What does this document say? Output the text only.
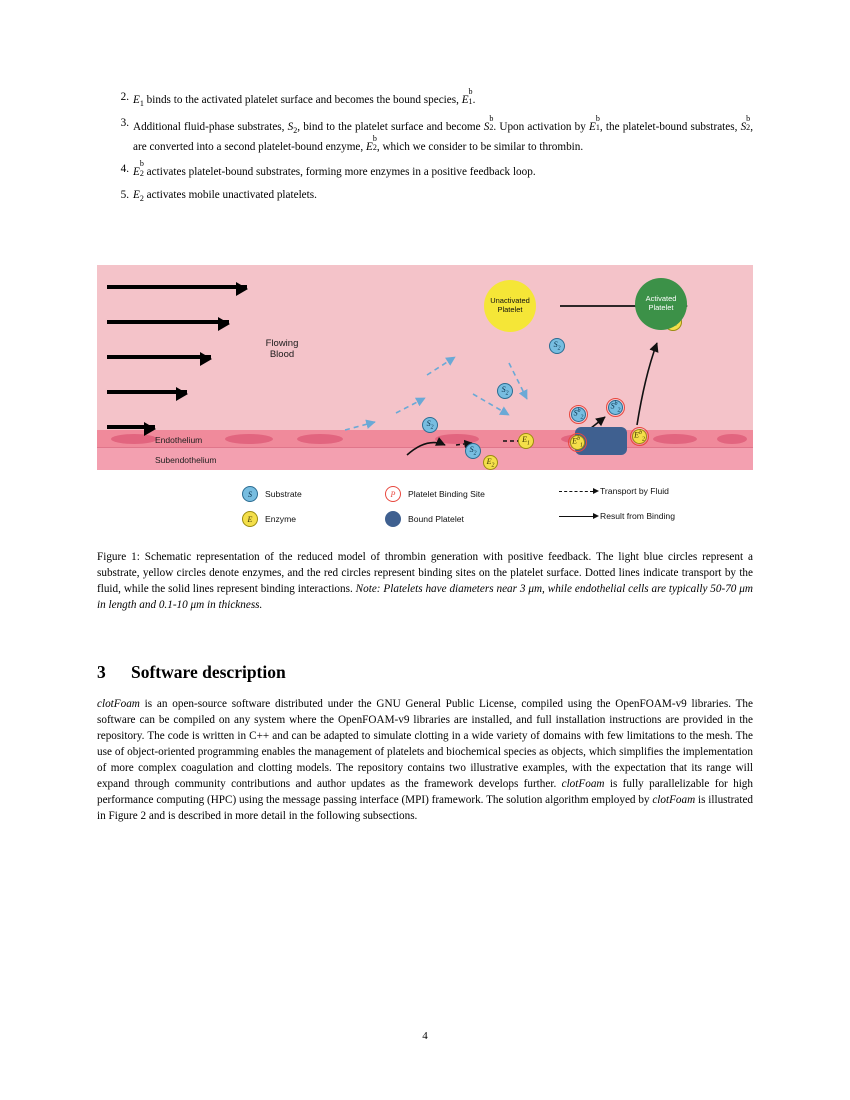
2. $E_1$ binds to the activated platelet surface and becomes the bound species, E
b
1 .
3. Additional fluid-phase substrates, $S_2$, bind to the platelet surface and become S
b
2 . Upon activation by E
b
1 , the platelet-bound substrates, S
b
2 , are converted into a second platelet-bound enzyme, E
b
2 , which we consider to be similar to thrombin.
4. E
b
2 activates platelet-bound substrates, forming more enzymes in a positive feedback loop.
5. $E_2$ activates mobile unactivated platelets.
Endothelium
Subendothelium
Flowing
Blood
$S_2$
$S_2$
$S_2$
$S_2$
$E_2$
$E_1$
$S^b_2$
$S^b_2$
$E^b_1$
$E^b_2$
Unactivated
Platelet
Activated
Platelet
S	Substrate
E	Enzyme
P	Platelet Binding Site
Bound Platelet
Transport by Fluid
Result from Binding
Figure 1: Schematic representation of the reduced model of thrombin generation with positive feedback. The light blue circles represent a substrate, yellow circles denote enzymes, and the red circles represent binding sites on the platelet surface. Dotted lines indicate transport by the fluid, while the solid lines represent binding interactions. Note: Platelets have diameters near 3 μm, while endothelial cells are typically 50-70 μm in length and 0.1-10 μm in thickness.
3 Software description
clotFoam is an open-source software distributed under the GNU General Public License, compiled using the OpenFOAM-v9 libraries. The software can be compiled on any system where the OpenFOAM-v9 libraries are installed, and full installation instructions are provided in the repository. The code is written in C++ and can be adapted to simulate clotting in a wide variety of domains with few limitations to the mesh. The use of object-oriented programming enables the management of platelets and biochemical species as objects, which simplifies the implementation of more complex coagulation and clotting models. The repository contains two illustrative examples, with the expectation that its range will expand through community contributions and author updates as the framework develops further. clotFoam is fully parallelizable for high performance computing (HPC) using the message passing interface (MPI) framework. The solution algorithm employed by clotFoam is illustrated in Figure 2 and is described in more detail in the following subsections.
4
